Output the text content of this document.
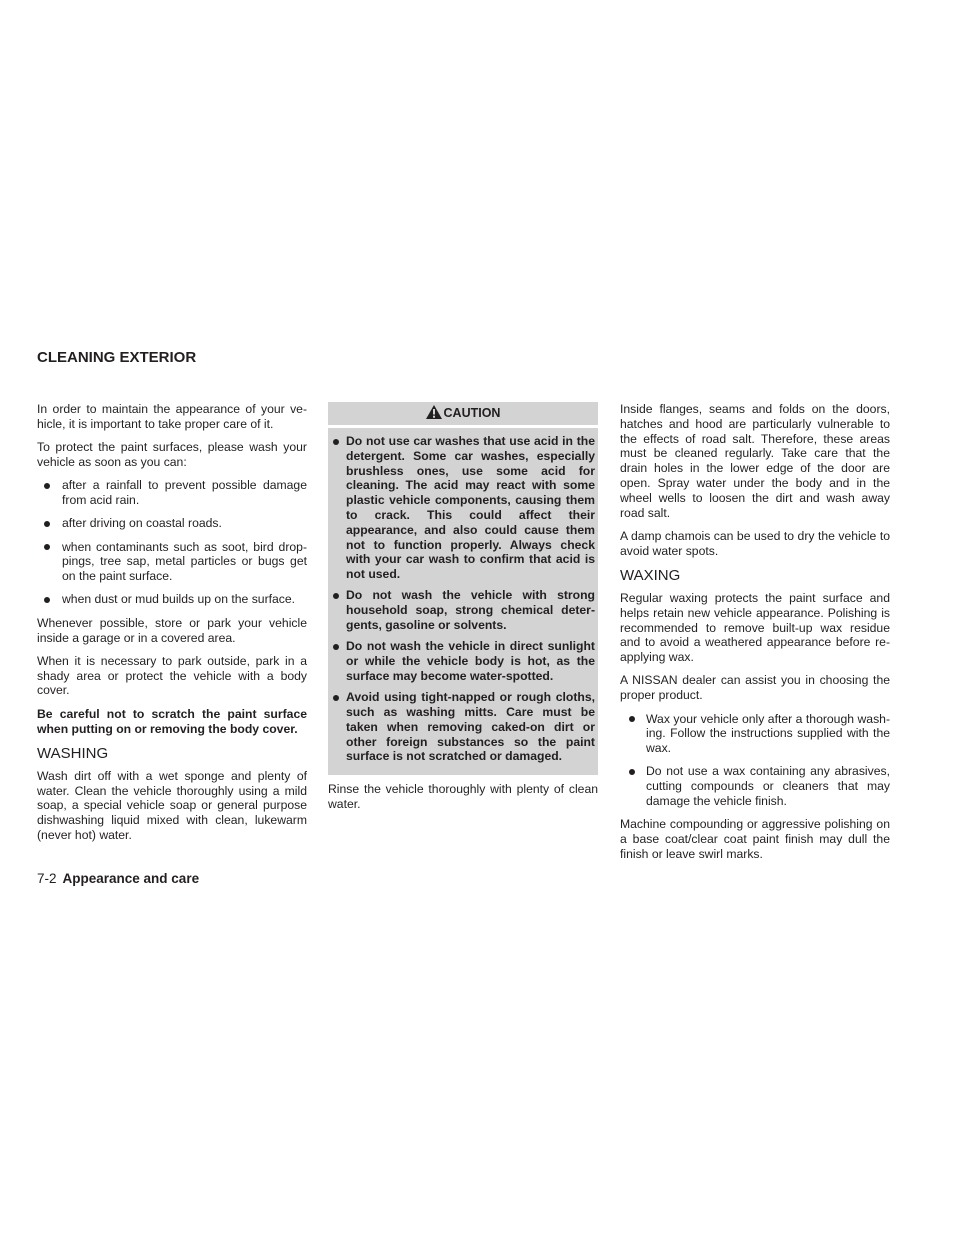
CLEANING EXTERIOR

In order to maintain the appearance of your vehicle, it is important to take proper care of it.

To protect the paint surfaces, please wash your vehicle as soon as you can:

after a rainfall to prevent possible damage from acid rain.
after driving on coastal roads.
when contaminants such as soot, bird droppings, tree sap, metal particles or bugs get on the paint surface.
when dust or mud builds up on the surface.

Whenever possible, store or park your vehicle inside a garage or in a covered area.

When it is necessary to park outside, park in a shady area or protect the vehicle with a body cover.

Be careful not to scratch the paint surface when putting on or removing the body cover.

WASHING

Wash dirt off with a wet sponge and plenty of water. Clean the vehicle thoroughly using a mild soap, a special vehicle soap or general purpose dishwashing liquid mixed with clean, lukewarm (never hot) water.

CAUTION
Do not use car washes that use acid in the detergent. Some car washes, especially brushless ones, use some acid for cleaning. The acid may react with some plastic vehicle components, causing them to crack. This could affect their appearance, and also could cause them not to function properly. Always check with your car wash to confirm that acid is not used.
Do not wash the vehicle with strong household soap, strong chemical detergents, gasoline or solvents.
Do not wash the vehicle in direct sunlight or while the vehicle body is hot, as the surface may become water-spotted.
Avoid using tight-napped or rough cloths, such as washing mitts. Care must be taken when removing caked-on dirt or other foreign substances so the paint surface is not scratched or damaged.

Rinse the vehicle thoroughly with plenty of clean water.

Inside flanges, seams and folds on the doors, hatches and hood are particularly vulnerable to the effects of road salt. Therefore, these areas must be cleaned regularly. Take care that the drain holes in the lower edge of the door are open. Spray water under the body and in the wheel wells to loosen the dirt and wash away road salt.

A damp chamois can be used to dry the vehicle to avoid water spots.

WAXING

Regular waxing protects the paint surface and helps retain new vehicle appearance. Polishing is recommended to remove built-up wax residue and to avoid a weathered appearance before re-applying wax.

A NISSAN dealer can assist you in choosing the proper product.

Wax your vehicle only after a thorough washing. Follow the instructions supplied with the wax.
Do not use a wax containing any abrasives, cutting compounds or cleaners that may damage the vehicle finish.

Machine compounding or aggressive polishing on a base coat/clear coat paint finish may dull the finish or leave swirl marks.

7-2 Appearance and care
